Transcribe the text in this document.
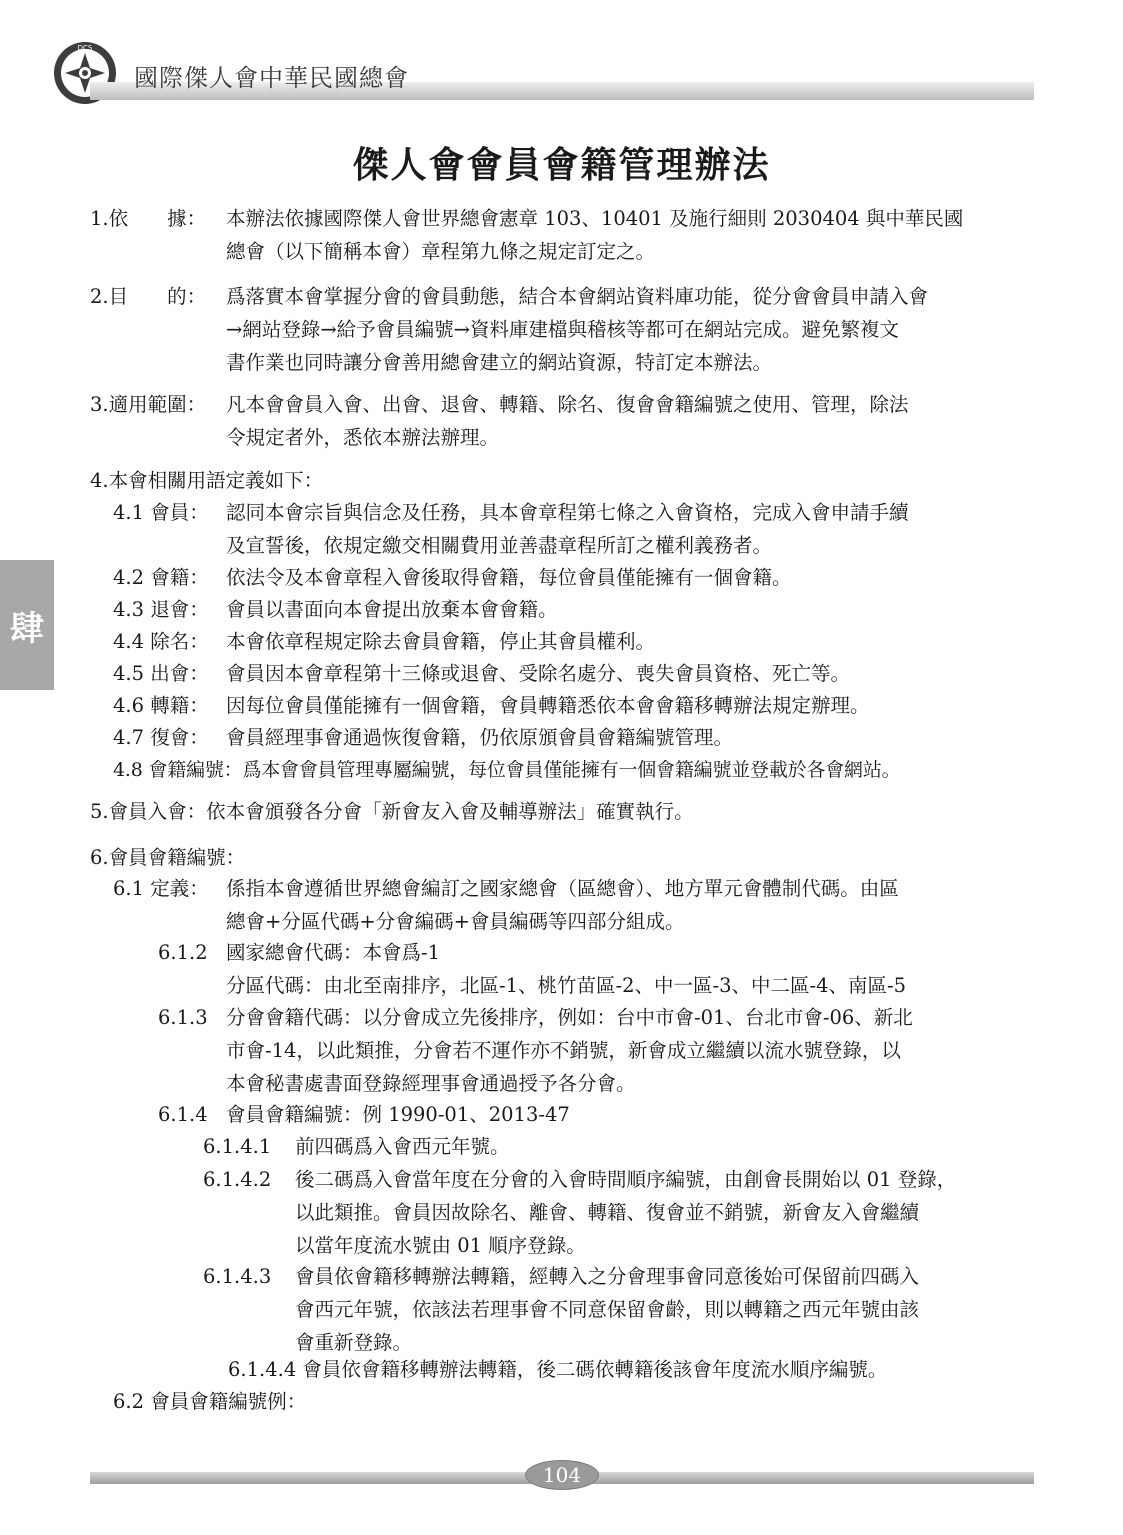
DCS
國際傑人會中華民國總會
肆
傑人會會員會籍管理辦法
1.依　　據： 本辦法依據國際傑人會世界總會憲章 103、10401 及施行細則 2030404 與中華民國
總會（以下簡稱本會）章程第九條之規定訂定之。
2.目　　的： 爲落實本會掌握分會的會員動態，結合本會網站資料庫功能，從分會會員申請入會
→網站登錄→給予會員編號→資料庫建檔與稽核等都可在網站完成。避免繁複文
書作業也同時讓分會善用總會建立的網站資源，特訂定本辦法。
3.適用範圍： 凡本會會員入會、出會、退會、轉籍、除名、復會會籍編號之使用、管理，除法
令規定者外，悉依本辦法辦理。
4.本會相關用語定義如下：
4.1 會員： 認同本會宗旨與信念及任務，具本會章程第七條之入會資格，完成入會申請手續
及宣誓後，依規定繳交相關費用並善盡章程所訂之權利義務者。
4.2 會籍： 依法令及本會章程入會後取得會籍，每位會員僅能擁有一個會籍。
4.3 退會： 會員以書面向本會提出放棄本會會籍。
4.4 除名： 本會依章程規定除去會員會籍，停止其會員權利。
4.5 出會： 會員因本會章程第十三條或退會、受除名處分、喪失會員資格、死亡等。
4.6 轉籍： 因每位會員僅能擁有一個會籍，會員轉籍悉依本會會籍移轉辦法規定辦理。
4.7 復會： 會員經理事會通過恢復會籍，仍依原頒會員會籍編號管理。
4.8 會籍編號：爲本會會員管理專屬編號，每位會員僅能擁有一個會籍編號並登載於各會網站。
5.會員入會：依本會頒發各分會「新會友入會及輔導辦法」確實執行。
6.會員會籍編號：
6.1 定義： 係指本會遵循世界總會編訂之國家總會（區總會）、地方單元會體制代碼。由區
總會+分區代碼+分會編碼+會員編碼等四部分組成。
6.1.2 國家總會代碼：本會爲-1
分區代碼：由北至南排序，北區-1、桃竹苗區-2、中一區-3、中二區-4、南區-5
6.1.3 分會會籍代碼：以分會成立先後排序，例如：台中市會-01、台北市會-06、新北
市會-14，以此類推，分會若不運作亦不銷號，新會成立繼續以流水號登錄，以
本會秘書處書面登錄經理事會通過授予各分會。
6.1.4 會員會籍編號：例 1990-01、2013-47
6.1.4.1 前四碼爲入會西元年號。
6.1.4.2 後二碼爲入會當年度在分會的入會時間順序編號，由創會長開始以 01 登錄，
以此類推。會員因故除名、離會、轉籍、復會並不銷號，新會友入會繼續
以當年度流水號由 01 順序登錄。
6.1.4.3 會員依會籍移轉辦法轉籍，經轉入之分會理事會同意後始可保留前四碼入
會西元年號，依該法若理事會不同意保留會齡，則以轉籍之西元年號由該
會重新登錄。
6.1.4.4 會員依會籍移轉辦法轉籍，後二碼依轉籍後該會年度流水順序編號。
6.2 會員會籍編號例：
104
